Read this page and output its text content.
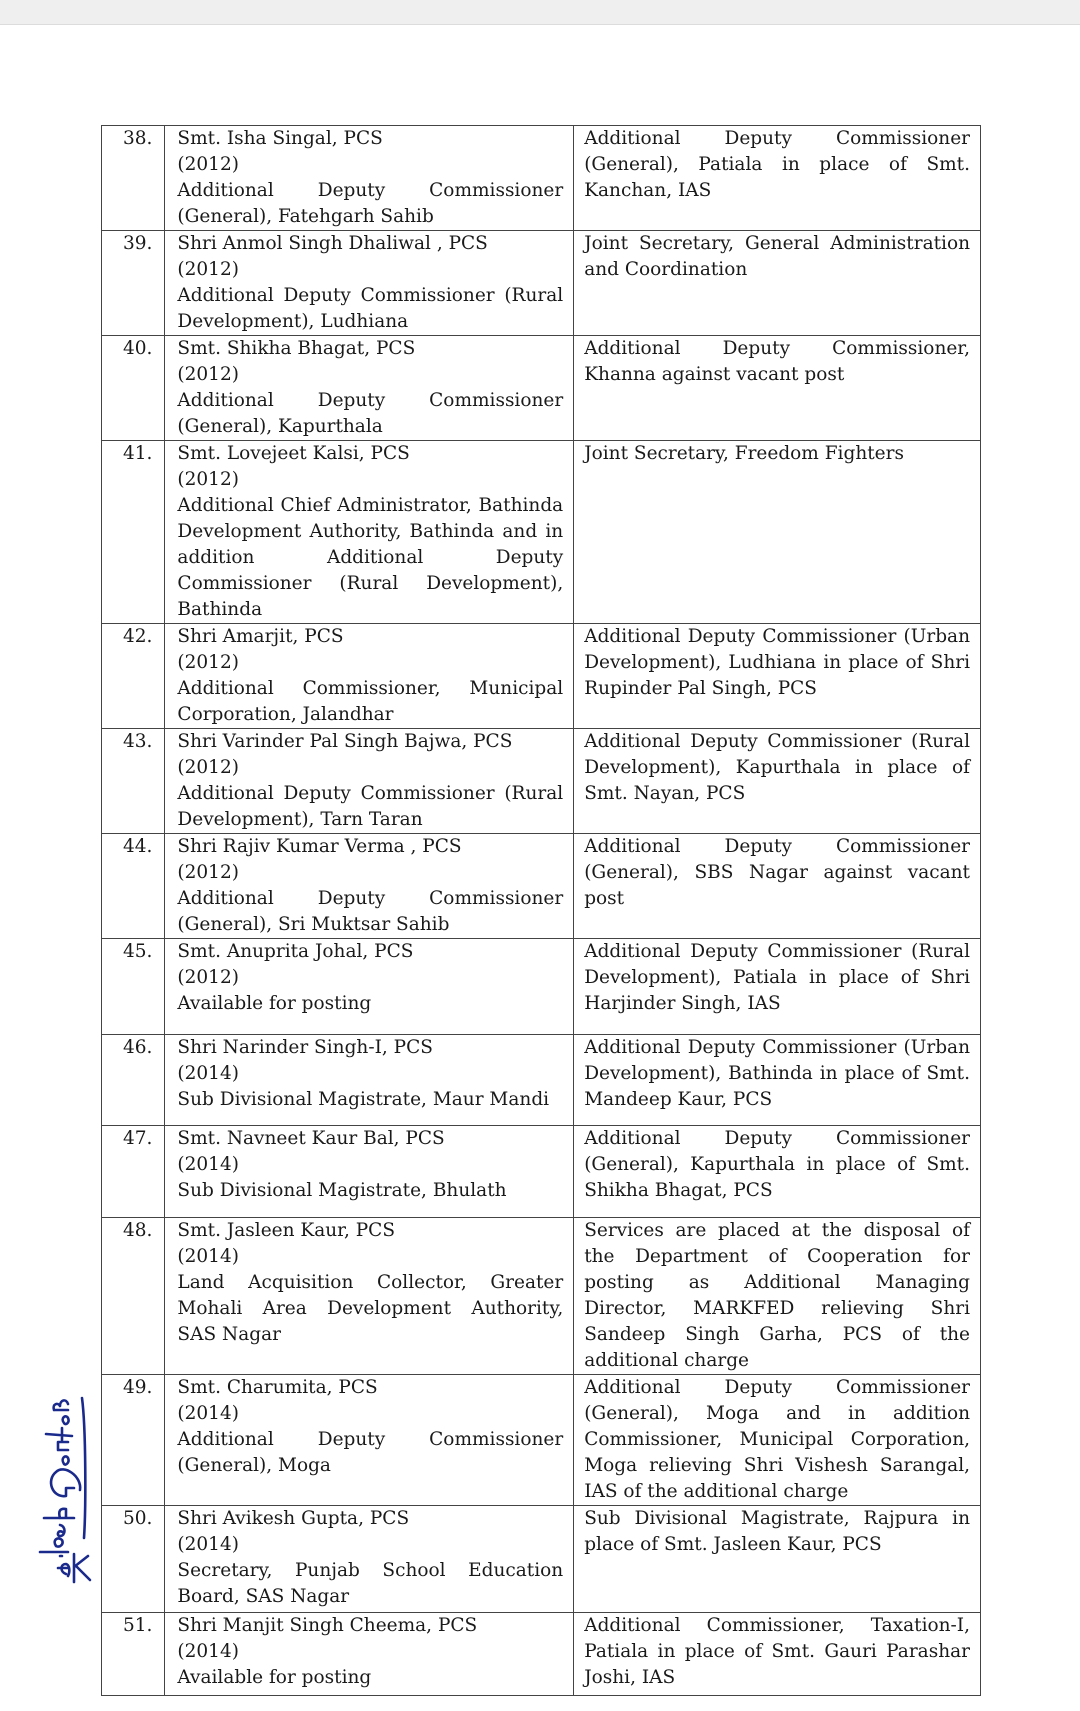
38.	Smt. Isha Singal, PCS
(2012)
Additional Deputy Commissioner (General), Fatehgarh Sahib	Additional Deputy Commissioner (General), Patiala in place of Smt. Kanchan, IAS
39.	Shri Anmol Singh Dhaliwal , PCS
(2012)
Additional Deputy Commissioner (Rural Development), Ludhiana	Joint Secretary, General Administration and Coordination
40.	Smt. Shikha Bhagat, PCS
(2012)
Additional Deputy Commissioner (General), Kapurthala	Additional Deputy Commissioner, Khanna against vacant post
41.	Smt. Lovejeet Kalsi, PCS
(2012)
Additional Chief Administrator, Bathinda Development Authority, Bathinda and in addition Additional Deputy Commissioner (Rural Development), Bathinda	Joint Secretary, Freedom Fighters
42.	Shri Amarjit, PCS
(2012)
Additional Commissioner, Municipal Corporation, Jalandhar	Additional Deputy Commissioner (Urban Development), Ludhiana in place of Shri Rupinder Pal Singh, PCS
43.	Shri Varinder Pal Singh Bajwa, PCS
(2012)
Additional Deputy Commissioner (Rural Development), Tarn Taran	Additional Deputy Commissioner (Rural Development), Kapurthala in place of Smt. Nayan, PCS
44.	Shri Rajiv Kumar Verma , PCS
(2012)
Additional Deputy Commissioner (General), Sri Muktsar Sahib	Additional Deputy Commissioner (General), SBS Nagar against vacant post
45.	Smt. Anuprita Johal, PCS
(2012)
Available for posting	Additional Deputy Commissioner (Rural Development), Patiala in place of Shri Harjinder Singh, IAS
46.	Shri Narinder Singh-I, PCS
(2014)
Sub Divisional Magistrate, Maur Mandi	Additional Deputy Commissioner (Urban Development), Bathinda in place of Smt. Mandeep Kaur, PCS
47.	Smt. Navneet Kaur Bal, PCS
(2014)
Sub Divisional Magistrate, Bhulath	Additional Deputy Commissioner (General), Kapurthala in place of Smt. Shikha Bhagat, PCS
48.	Smt. Jasleen Kaur, PCS
(2014)
Land Acquisition Collector, Greater Mohali Area Development Authority, SAS Nagar	Services are placed at the disposal of the Department of Cooperation for posting as Additional Managing Director, MARKFED relieving Shri Sandeep Singh Garha, PCS of the additional charge
49.	Smt. Charumita, PCS
(2014)
Additional Deputy Commissioner (General), Moga	Additional Deputy Commissioner (General), Moga and in addition Commissioner, Municipal Corporation, Moga relieving Shri Vishesh Sarangal, IAS of the additional charge
50.	Shri Avikesh Gupta, PCS
(2014)
Secretary, Punjab School Education Board, SAS Nagar	Sub Divisional Magistrate, Rajpura in place of Smt. Jasleen Kaur, PCS
51.	Shri Manjit Singh Cheema, PCS
(2014)
Available for posting	Additional Commissioner, Taxation-I, Patiala in place of Smt. Gauri Parashar Joshi, IAS
